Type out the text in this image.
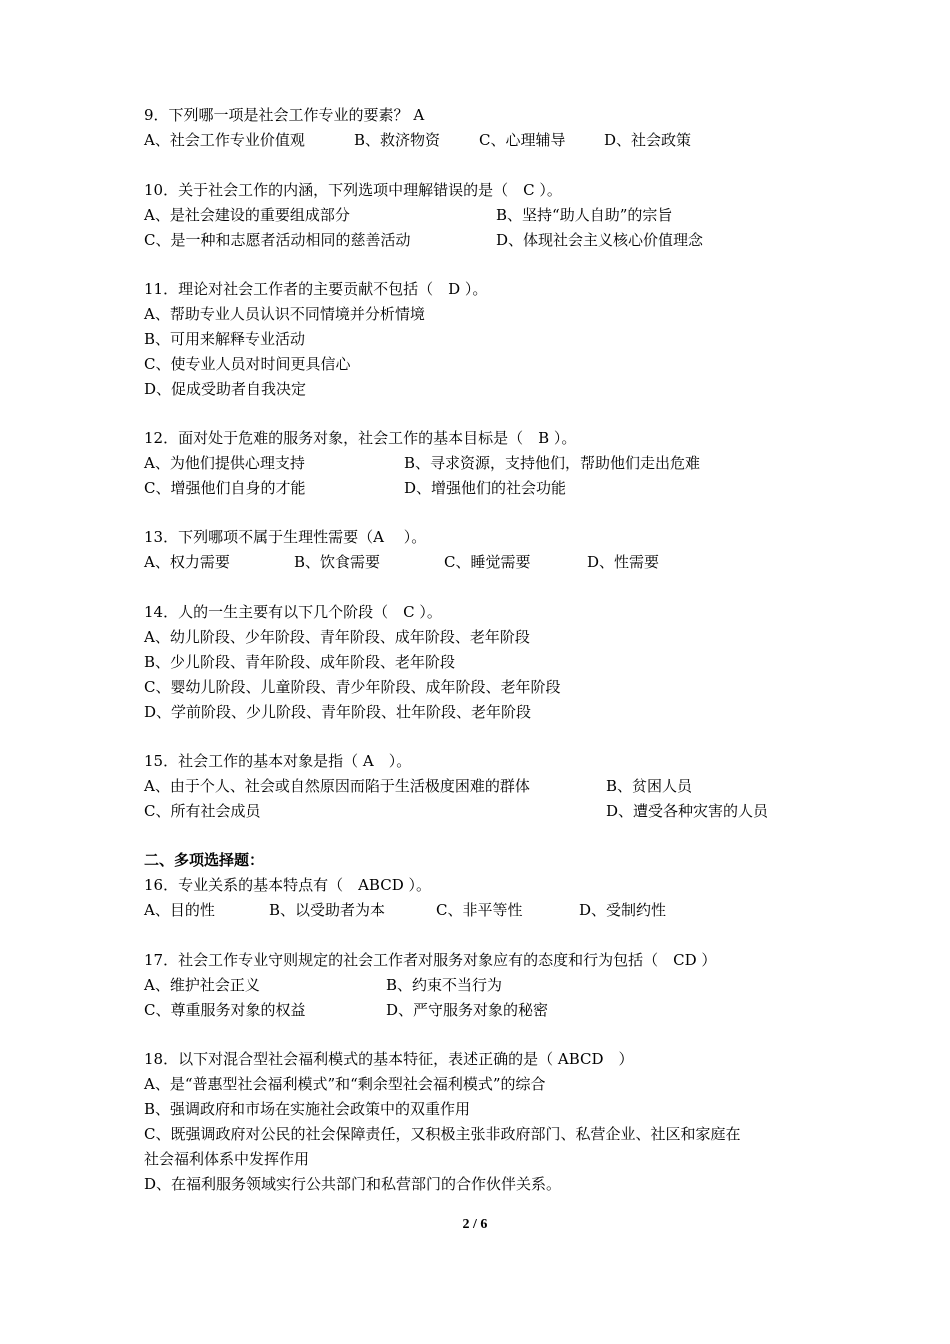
9．下列哪一项是社会工作专业的要素？ A
A、社会工作专业价值观	B、救济物资	C、心理辅导	D、社会政策
10．关于社会工作的内涵，下列选项中理解错误的是（　C ）。
A、是社会建设的重要组成部分	B、坚持“助人自助”的宗旨
C、是一种和志愿者活动相同的慈善活动	D、体现社会主义核心价值理念
11．理论对社会工作者的主要贡献不包括（　D ）。
A、帮助专业人员认识不同情境并分析情境
B、可用来解释专业活动
C、使专业人员对时间更具信心
D、促成受助者自我决定
12．面对处于危难的服务对象，社会工作的基本目标是（　B ）。
A、为他们提供心理支持	B、寻求资源，支持他们，帮助他们走出危难
C、增强他们自身的才能	D、增强他们的社会功能
13．下列哪项不属于生理性需要（A　 ）。
A、权力需要	B、饮食需要	C、睡觉需要	D、性需要
14．人的一生主要有以下几个阶段（　C ）。
A、幼儿阶段、少年阶段、青年阶段、成年阶段、老年阶段
B、少儿阶段、青年阶段、成年阶段、老年阶段
C、婴幼儿阶段、儿童阶段、青少年阶段、成年阶段、老年阶段
D、学前阶段、少儿阶段、青年阶段、壮年阶段、老年阶段
15．社会工作的基本对象是指（ A　）。
A、由于个人、社会或自然原因而陷于生活极度困难的群体	B、贫困人员
C、所有社会成员	D、遭受各种灾害的人员
二、多项选择题：
16．专业关系的基本特点有（　ABCD ）。
A、目的性	B、以受助者为本	C、非平等性	D、受制约性
17．社会工作专业守则规定的社会工作者对服务对象应有的态度和行为包括（　CD ）
A、维护社会正义	B、约束不当行为
C、尊重服务对象的权益	D、严守服务对象的秘密
18．以下对混合型社会福利模式的基本特征，表述正确的是（ ABCD　）
A、是“普惠型社会福利模式”和“剩余型社会福利模式”的综合
B、强调政府和市场在实施社会政策中的双重作用
C、既强调政府对公民的社会保障责任，又积极主张非政府部门、私营企业、社区和家庭在
社会福利体系中发挥作用
D、在福利服务领域实行公共部门和私营部门的合作伙伴关系。
2 / 6
